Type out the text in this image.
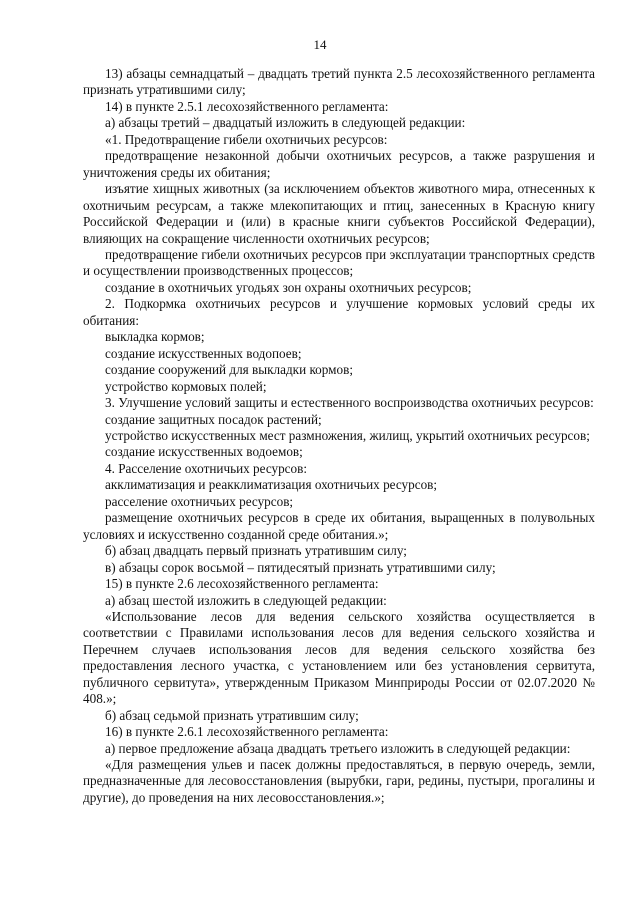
14

13) абзацы семнадцатый – двадцать третий пункта 2.5 лесохозяйственного регламента признать утратившими силу;

14) в пункте 2.5.1 лесохозяйственного регламента:

а) абзацы третий – двадцатый изложить в следующей редакции:

«1. Предотвращение гибели охотничьих ресурсов:

предотвращение незаконной добычи охотничьих ресурсов, а также разрушения и уничтожения среды их обитания;

изъятие хищных животных (за исключением объектов животного мира, отнесенных к охотничьим ресурсам, а также млекопитающих и птиц, занесенных в Красную книгу Российской Федерации и (или) в красные книги субъектов Российской Федерации), влияющих на сокращение численности охотничьих ресурсов;

предотвращение гибели охотничьих ресурсов при эксплуатации транспортных средств и осуществлении производственных процессов;

создание в охотничьих угодьях зон охраны охотничьих ресурсов;

2. Подкормка охотничьих ресурсов и улучшение кормовых условий среды их обитания:

выкладка кормов;

создание искусственных водопоев;

создание сооружений для выкладки кормов;

устройство кормовых полей;

3. Улучшение условий защиты и естественного воспроизводства охотничьих ресурсов:

создание защитных посадок растений;

устройство искусственных мест размножения, жилищ, укрытий охотничьих ресурсов;

создание искусственных водоемов;

4. Расселение охотничьих ресурсов:

акклиматизация и реакклиматизация охотничьих ресурсов;

расселение охотничьих ресурсов;

размещение охотничьих ресурсов в среде их обитания, выращенных в полувольных условиях и искусственно созданной среде обитания.»;

б) абзац двадцать первый признать утратившим силу;

в) абзацы сорок восьмой – пятидесятый признать утратившими силу;

15) в пункте 2.6 лесохозяйственного регламента:

а) абзац шестой изложить в следующей редакции:

«Использование лесов для ведения сельского хозяйства осуществляется в соответствии с Правилами использования лесов для ведения сельского хозяйства и Перечнем случаев использования лесов для ведения сельского хозяйства без предоставления лесного участка, с установлением или без установления сервитута, публичного сервитута», утвержденным Приказом Минприроды России от 02.07.2020 № 408.»;

б) абзац седьмой признать утратившим силу;

16) в пункте 2.6.1 лесохозяйственного регламента:

а) первое предложение абзаца двадцать третьего изложить в следующей редакции:

«Для размещения ульев и пасек должны предоставляться, в первую очередь, земли, предназначенные для лесовосстановления (вырубки, гари, редины, пустыри, прогалины и другие), до проведения на них лесовосстановления.»;
